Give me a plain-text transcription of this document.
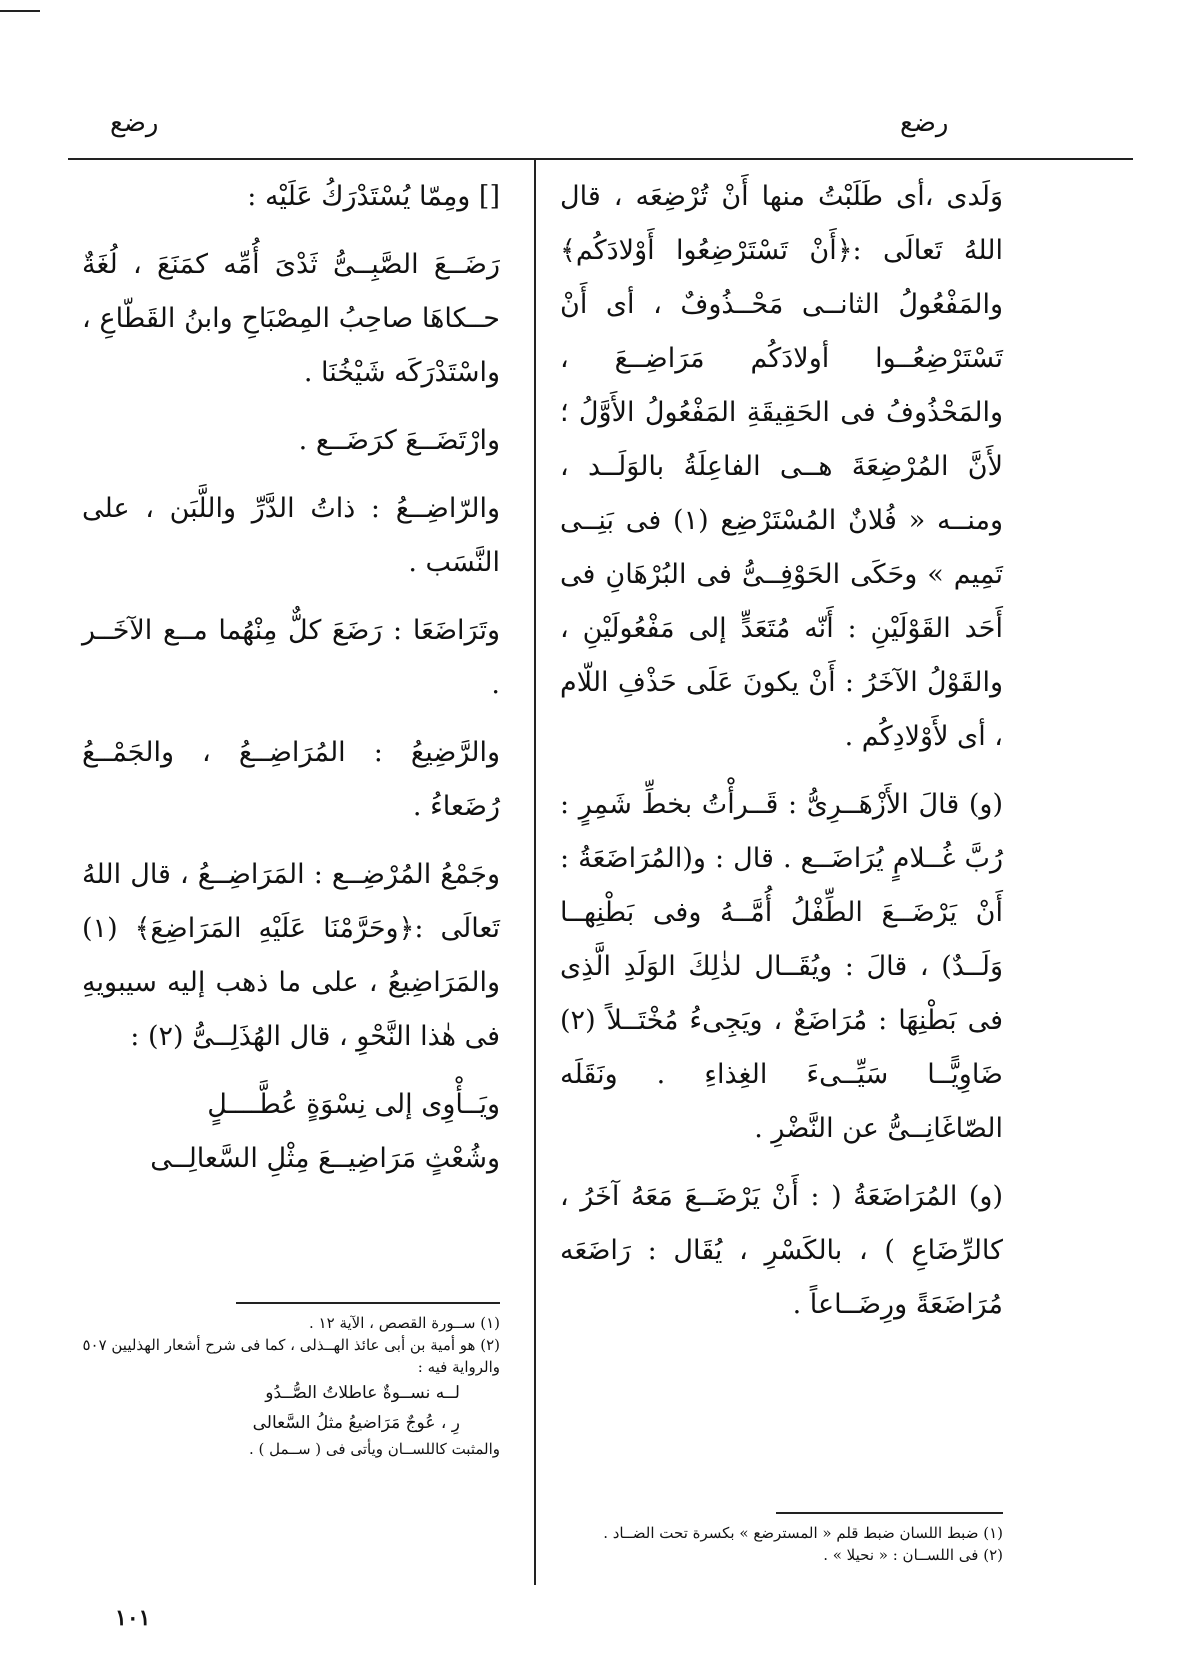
رضع	رضع

وَلَدى ،أى طَلَبْتُ منها أَنْ تُرْضِعَه ، قال اللهُ تَعالَى :﴿أَنْ تَسْتَرْضِعُوا أَوْلادَكُم﴾ والمَفْعُولُ الثانــى مَحْــذُوفٌ ، أى أَنْ تَسْتَرْضِعُــوا أولادَكُم مَرَاضِــعَ ، والمَحْذُوفُ فى الحَقِيقَةِ المَفْعُولُ الأَوَّلُ ؛ لأَنَّ المُرْضِعَةَ هــى الفاعِلَةُ بالوَلَــد ، ومنــه « فُلانٌ المُسْتَرْضِع (١) فى بَنِــى تَمِيم » وحَكَى الحَوْفِــىُّ فى البُرْهَانِ فى أَحَد القَوْلَيْنِ : أَنّه مُتَعَدٍّ إلى مَفْعُولَيْنِ ، والقَوْلُ الآخَرُ : أَنْ يكونَ عَلَى حَذْفِ اللّام ، أى لأَوْلادِكُم .

(و) قالَ الأَزْهَــرِىُّ : قَــرأْتُ بخطِّ شَمِرٍ : رُبَّ غُــلامٍ يُرَاضَــع . قال : و(المُرَاضَعَةُ : أَنْ يَرْضَــعَ الطِّفْلُ أُمَّــهُ وفى بَطْنِهــا وَلَــدٌ) ، قالَ : ويُقَــال لذٰلِكَ الوَلَدِ الَّذِى فى بَطْنِهَا : مُرَاضَعٌ ، ويَجِىءُ مُخْتَــلاً (٢) ضَاوِيًّــا سَيِّــىءَ الغِذاءِ . ونَقَلَه الصّاغَانِــىُّ عن النَّضْرِ .

(و) المُرَاضَعَةُ ( : أَنْ يَرْضَــعَ مَعَهُ آخَرُ ، كالرِّضَاعِ ) ، بالكَسْرِ ، يُقَال : رَاضَعَه مُرَاضَعَةً ورِضَــاعاً .

[] ومِمّا يُسْتَدْرَكُ عَلَيْه :

رَضَــعَ الصَّبِــىُّ ثَدْىَ أُمِّه كمَنَعَ ، لُغَةٌ حــكاهَا صاحِبُ المِصْبَاحِ وابنُ القَطّاعِ ، واسْتَدْرَكَه شَيْخُنَا .

وارْتَضَــعَ كرَضَــع .

والرّاضِــعُ : ذاتُ الدَّرِّ واللَّبَن ، على النَّسَب .

وتَرَاضَعَا : رَضَعَ كلٌّ مِنْهُما مــع الآخَــر .

والرَّضِيعُ : المُرَاضِــعُ ، والجَمْــعُ رُضَعاءُ .

وجَمْعُ المُرْضِــع : المَرَاضِــعُ ، قال اللهُ تَعالَى :﴿وحَرَّمْنَا عَلَيْهِ المَرَاضِعَ﴾ (١) والمَرَاضِيعُ ، على ما ذهب إليه سيبويهِ فى هٰذا النَّحْوِ ، قال الهُذَلِــىُّ (٢) :

ويَــأْوِى إلى نِسْوَةٍ عُطَّــــلٍ
وشُعْثٍ مَرَاضِيــعَ مِثْلِ السَّعالِــى
(١) ضبط اللسان ضبط قلم « المسترضع » بكسرة تحت الضــاد .
(٢) فى اللســان : « نحيلا » .
(١) ســورة القصص ، الآية ١٢ .
(٢) هو أمية بن أبى عائذ الهــذلى ، كما فى شرح أشعار الهذليين ٥٠٧ والرواية فيه :
لــه نســوةٌ عاطلاتُ الصُّــدُو
رِ ، عُوجٌ مَرَاضيعُ مثلُ السَّعالى
والمثبت كاللســان ويأتى فى ( ســمل ) .
١٠١
